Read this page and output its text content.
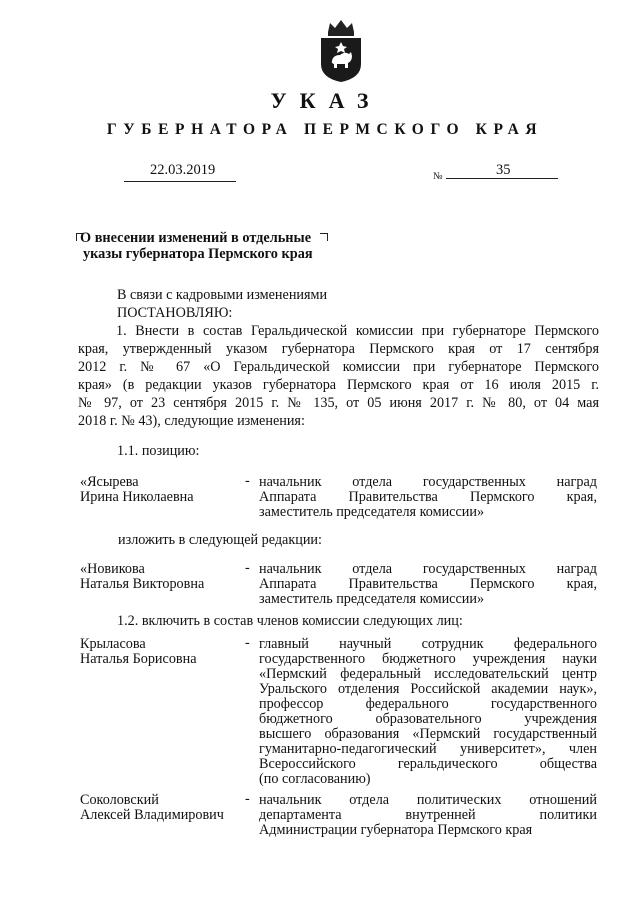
УКАЗ
ГУБЕРНАТОРА ПЕРМСКОГО КРАЯ
22.03.2019	№	35
О внесении изменений в отдельные
указы губернатора Пермского края
В связи с кадровыми изменениями
ПОСТАНОВЛЯЮ:
1. Внести в состав Геральдической комиссии при губернаторе Пермского
края, утвержденный указом губернатора Пермского края от 17 сентября
2012 г. № 67 «О Геральдической комиссии при губернаторе Пермского
края» (в редакции указов губернатора Пермского края от 16 июля 2015 г.
№ 97, от 23 сентября 2015 г. № 135, от 05 июня 2017 г. № 80, от 04 мая
2018 г. № 43), следующие изменения:
1.1. позицию:
«Ясырева
Ирина Николаевна
- начальник отдела государственных наград
Аппарата Правительства Пермского края,
заместитель председателя комиссии»
изложить в следующей редакции:
«Новикова
Наталья Викторовна
- начальник отдела государственных наград
Аппарата Правительства Пермского края,
заместитель председателя комиссии»
1.2. включить в состав членов комиссии следующих лиц:
Крыласова
Наталья Борисовна
- главный научный сотрудник федерального
государственного бюджетного учреждения науки
«Пермский федеральный исследовательский центр
Уральского отделения Российской академии наук»,
профессор федерального государственного
бюджетного образовательного учреждения
высшего образования «Пермский государственный
гуманитарно-педагогический университет», член
Всероссийского геральдического общества
(по согласованию)
Соколовский
Алексей Владимирович
- начальник отдела политических отношений
департамента внутренней политики
Администрации губернатора Пермского края
